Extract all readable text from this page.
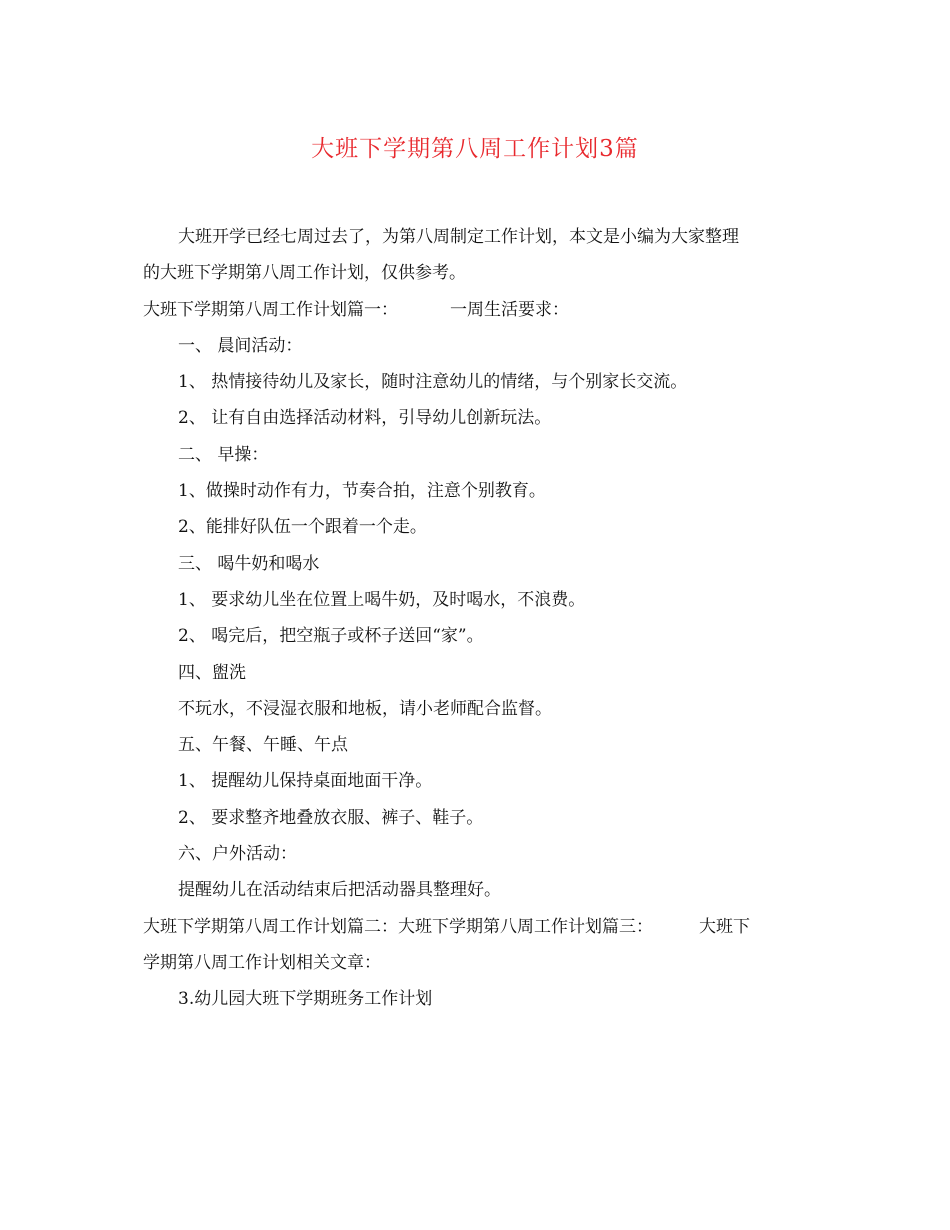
大班下学期第八周工作计划3篇

大班开学已经七周过去了，为第八周制定工作计划，本文是小编为大家整理

的大班下学期第八周工作计划，仅供参考。

大班下学期第八周工作计划篇一：	一周生活要求：

一、 晨间活动：

1、 热情接待幼儿及家长，随时注意幼儿的情绪，与个别家长交流。

2、 让有自由选择活动材料，引导幼儿创新玩法。

二、 早操：

1、做操时动作有力，节奏合拍，注意个别教育。

2、能排好队伍一个跟着一个走。

三、 喝牛奶和喝水

1、 要求幼儿坐在位置上喝牛奶，及时喝水，不浪费。

2、 喝完后，把空瓶子或杯子送回“家”。

四、盥洗

不玩水，不浸湿衣服和地板，请小老师配合监督。

五、午餐、午睡、午点

1、 提醒幼儿保持桌面地面干净。

2、 要求整齐地叠放衣服、裤子、鞋子。

六、户外活动：

提醒幼儿在活动结束后把活动器具整理好。

大班下学期第八周工作计划篇二：大班下学期第八周工作计划篇三：	大班下

学期第八周工作计划相关文章：

3.幼儿园大班下学期班务工作计划
